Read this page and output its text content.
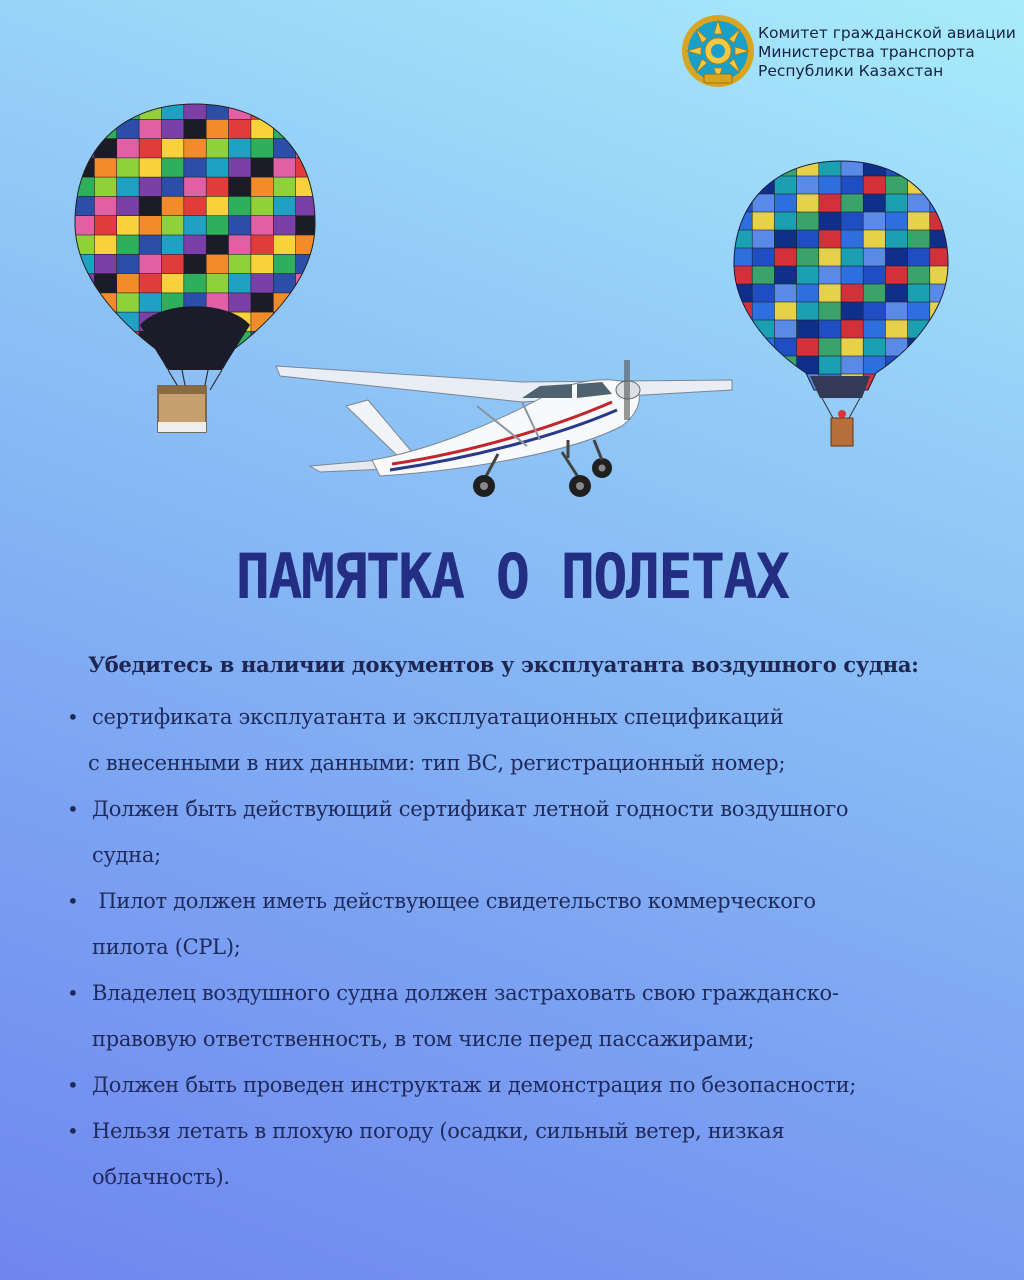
Комитет гражданской авиации
Министерства транспорта
Республики Казахстан
ПАМЯТКА О ПОЛЕТАХ
Убедитесь в наличии документов у эксплуатанта воздушного судна:
• сертификата эксплуатанта и эксплуатационных спецификаций
с внесенными в них данными: тип ВС, регистрационный номер;
• Должен быть действующий сертификат летной годности воздушного
судна;
•  Пилот должен иметь действующее свидетельство коммерческого
пилота (CPL);
• Владелец воздушного судна должен застраховать свою гражданско-
правовую ответственность, в том числе перед пассажирами;
• Должен быть проведен инструктаж и демонстрация по безопасности;
• Нельзя летать в плохую погоду (осадки, сильный ветер, низкая
облачность).
